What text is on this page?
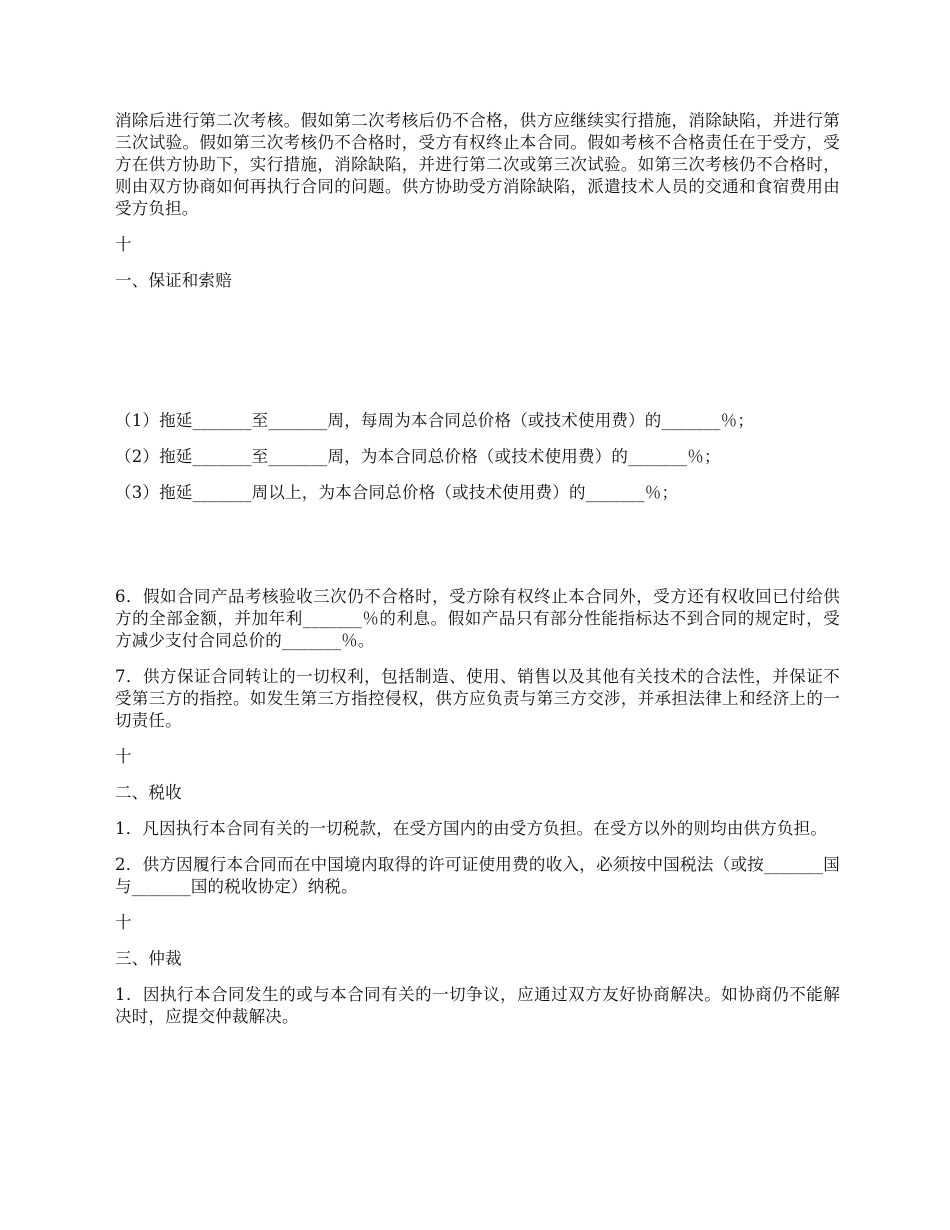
消除后进行第二次考核。假如第二次考核后仍不合格，供方应继续实行措施，消除缺陷，并进行第三次试验。假如第三次考核仍不合格时，受方有权终止本合同。假如考核不合格责任在于受方，受方在供方协助下，实行措施，消除缺陷，并进行第二次或第三次试验。如第三次考核仍不合格时，则由双方协商如何再执行合同的问题。供方协助受方消除缺陷，派遣技术人员的交通和食宿费用由受方负担。

十

一、保证和索赔

（1）拖延_______至_______周，每周为本合同总价格（或技术使用费）的_______％；

（2）拖延_______至_______周，为本合同总价格（或技术使用费）的_______％；

（3）拖延_______周以上，为本合同总价格（或技术使用费）的_______％；

6．假如合同产品考核验收三次仍不合格时，受方除有权终止本合同外，受方还有权收回已付给供方的全部金额，并加年利_______％的利息。假如产品只有部分性能指标达不到合同的规定时，受方减少支付合同总价的_______％。

7．供方保证合同转让的一切权利，包括制造、使用、销售以及其他有关技术的合法性，并保证不受第三方的指控。如发生第三方指控侵权，供方应负责与第三方交涉，并承担法律上和经济上的一切责任。

十

二、税收

1．凡因执行本合同有关的一切税款，在受方国内的由受方负担。在受方以外的则均由供方负担。

2．供方因履行本合同而在中国境内取得的许可证使用费的收入，必须按中国税法（或按_______国与_______国的税收协定）纳税。

十

三、仲裁

1．因执行本合同发生的或与本合同有关的一切争议，应通过双方友好协商解决。如协商仍不能解决时，应提交仲裁解决。
